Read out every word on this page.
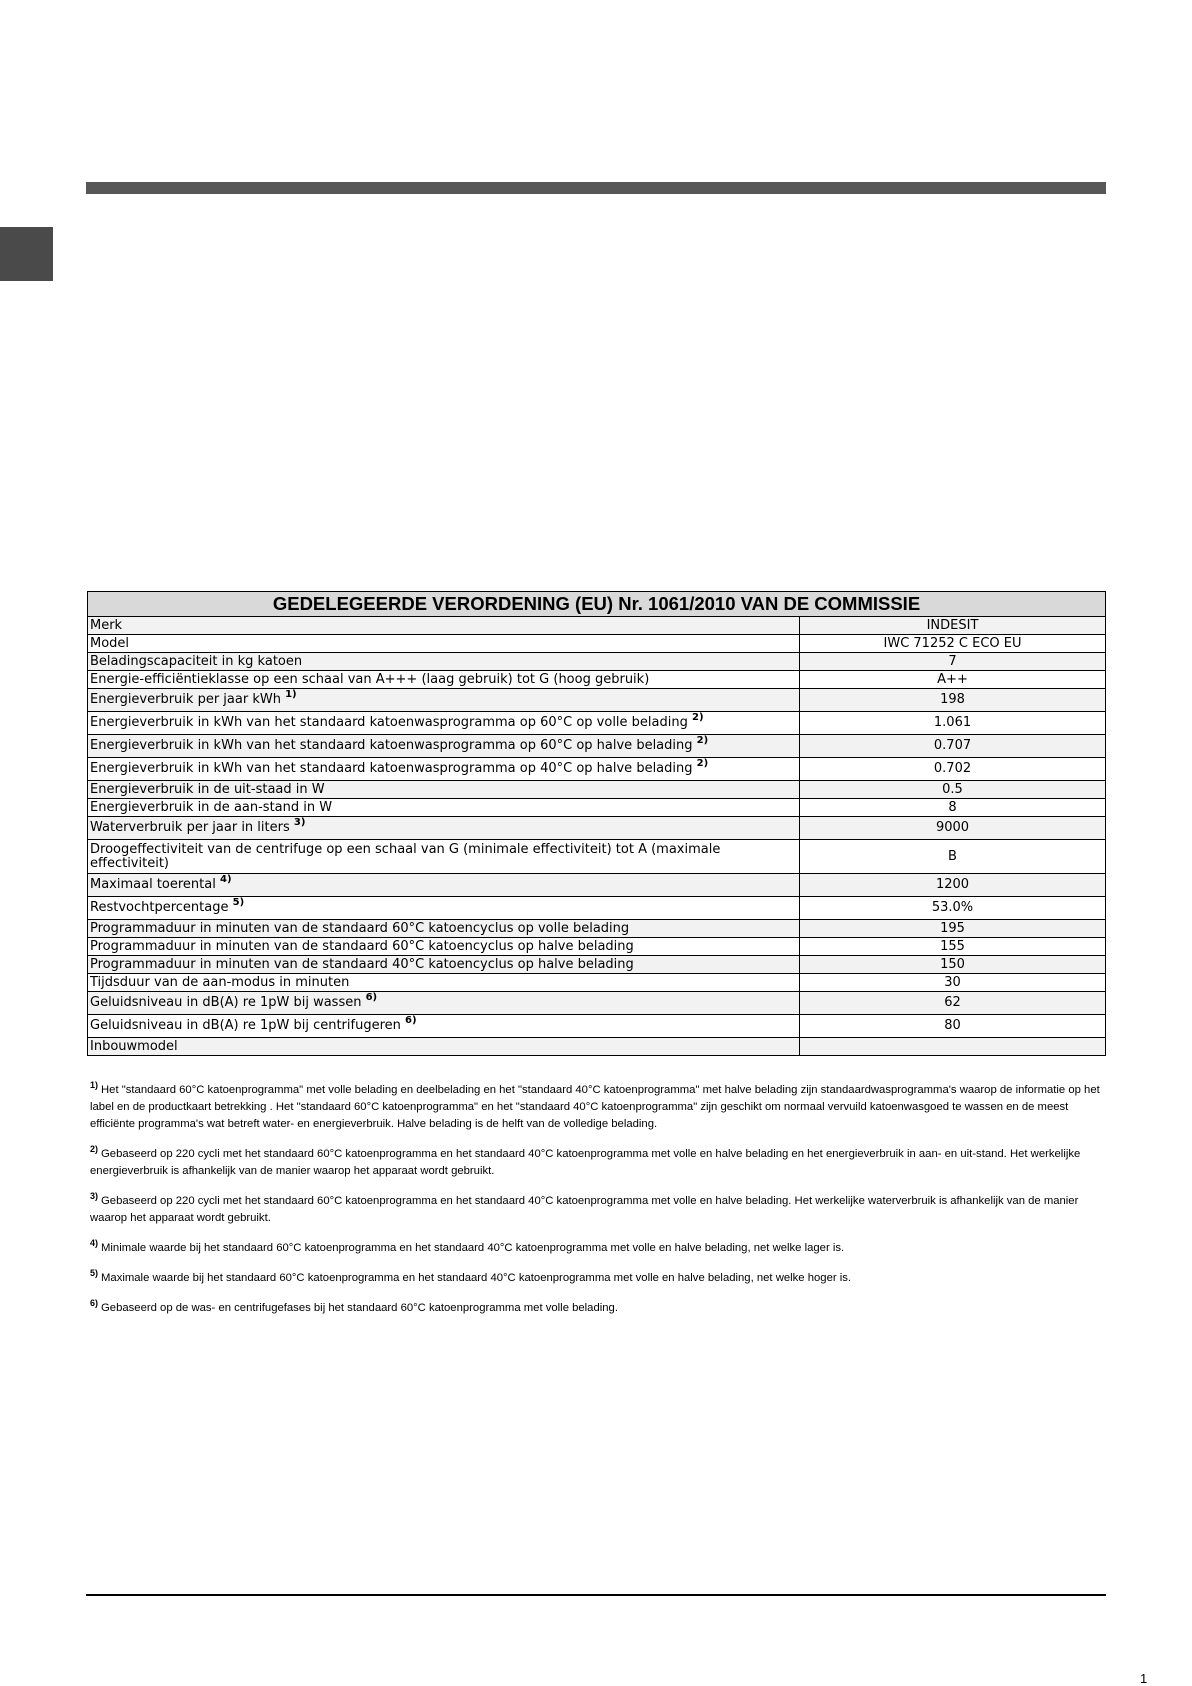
GEDELEGEERDE VERORDENING (EU) Nr. 1061/2010 VAN DE COMMISSIE	
Merk	INDESIT
Model	IWC 71252 C ECO EU
Beladingscapaciteit in kg katoen	7
Energie-efficiëntieklasse op een schaal van A+++ (laag gebruik) tot G (hoog gebruik)	A++
Energieverbruik per jaar kWh $^{1)}$	198
Energieverbruik in kWh van het standaard katoenwasprogramma op 60°C op volle belading $^{2)}$	1.061
Energieverbruik in kWh van het standaard katoenwasprogramma op 60°C op halve belading $^{2)}$	0.707
Energieverbruik in kWh van het standaard katoenwasprogramma op 40°C op halve belading $^{2)}$	0.702
Energieverbruik in de uit-staad in W	0.5
Energieverbruik in de aan-stand in W	8
Waterverbruik per jaar in liters $^{3)}$	9000
Droogeffectiviteit van de centrifuge op een schaal van G (minimale effectiviteit) tot A (maximale effectiviteit)	B
Maximaal toerental $^{4)}$	1200
Restvochtpercentage $^{5)}$	53.0%
Programmaduur in minuten van de standaard 60°C katoencyclus op volle belading	195
Programmaduur in minuten van de standaard 60°C katoencyclus op halve belading	155
Programmaduur in minuten van de standaard 40°C katoencyclus op halve belading	150
Tijdsduur van de aan-modus in minuten	30
Geluidsniveau in dB(A) re 1pW bij wassen $^{6)}$	62
Geluidsniveau in dB(A) re 1pW bij centrifugeren $^{6)}$	80
Inbouwmodel	

$^{1)}$ Het "standaard 60°C katoenprogramma" met volle belading en deelbelading en het "standaard 40°C katoenprogramma" met halve belading zijn standaardwasprogramma's waarop de informatie op het label en de productkaart betrekking . Het "standaard 60°C katoenprogramma" en het "standaard 40°C katoenprogramma" zijn geschikt om normaal vervuild katoenwasgoed te wassen en de meest efficiënte programma's wat betreft water- en energieverbruik. Halve belading is de helft van de volledige belading.

$^{2)}$ Gebaseerd op 220 cycli met het standaard 60°C katoenprogramma en het standaard 40°C katoenprogramma met volle en halve belading en het energieverbruik in aan- en uit-stand. Het werkelijke energieverbruik is afhankelijk van de manier waarop het apparaat wordt gebruikt.

$^{3)}$ Gebaseerd op 220 cycli met het standaard 60°C katoenprogramma en het standaard 40°C katoenprogramma met volle en halve belading. Het werkelijke waterverbruik is afhankelijk van de manier waarop het apparaat wordt gebruikt.

$^{4)}$ Minimale waarde bij het standaard 60°C katoenprogramma en het standaard 40°C katoenprogramma met volle en halve belading, net welke lager is.

$^{5)}$ Maximale waarde bij het standaard 60°C katoenprogramma en het standaard 40°C katoenprogramma met volle en halve belading, net welke hoger is.

$^{6)}$ Gebaseerd op de was- en centrifugefases bij het standaard 60°C katoenprogramma met volle belading.

1
